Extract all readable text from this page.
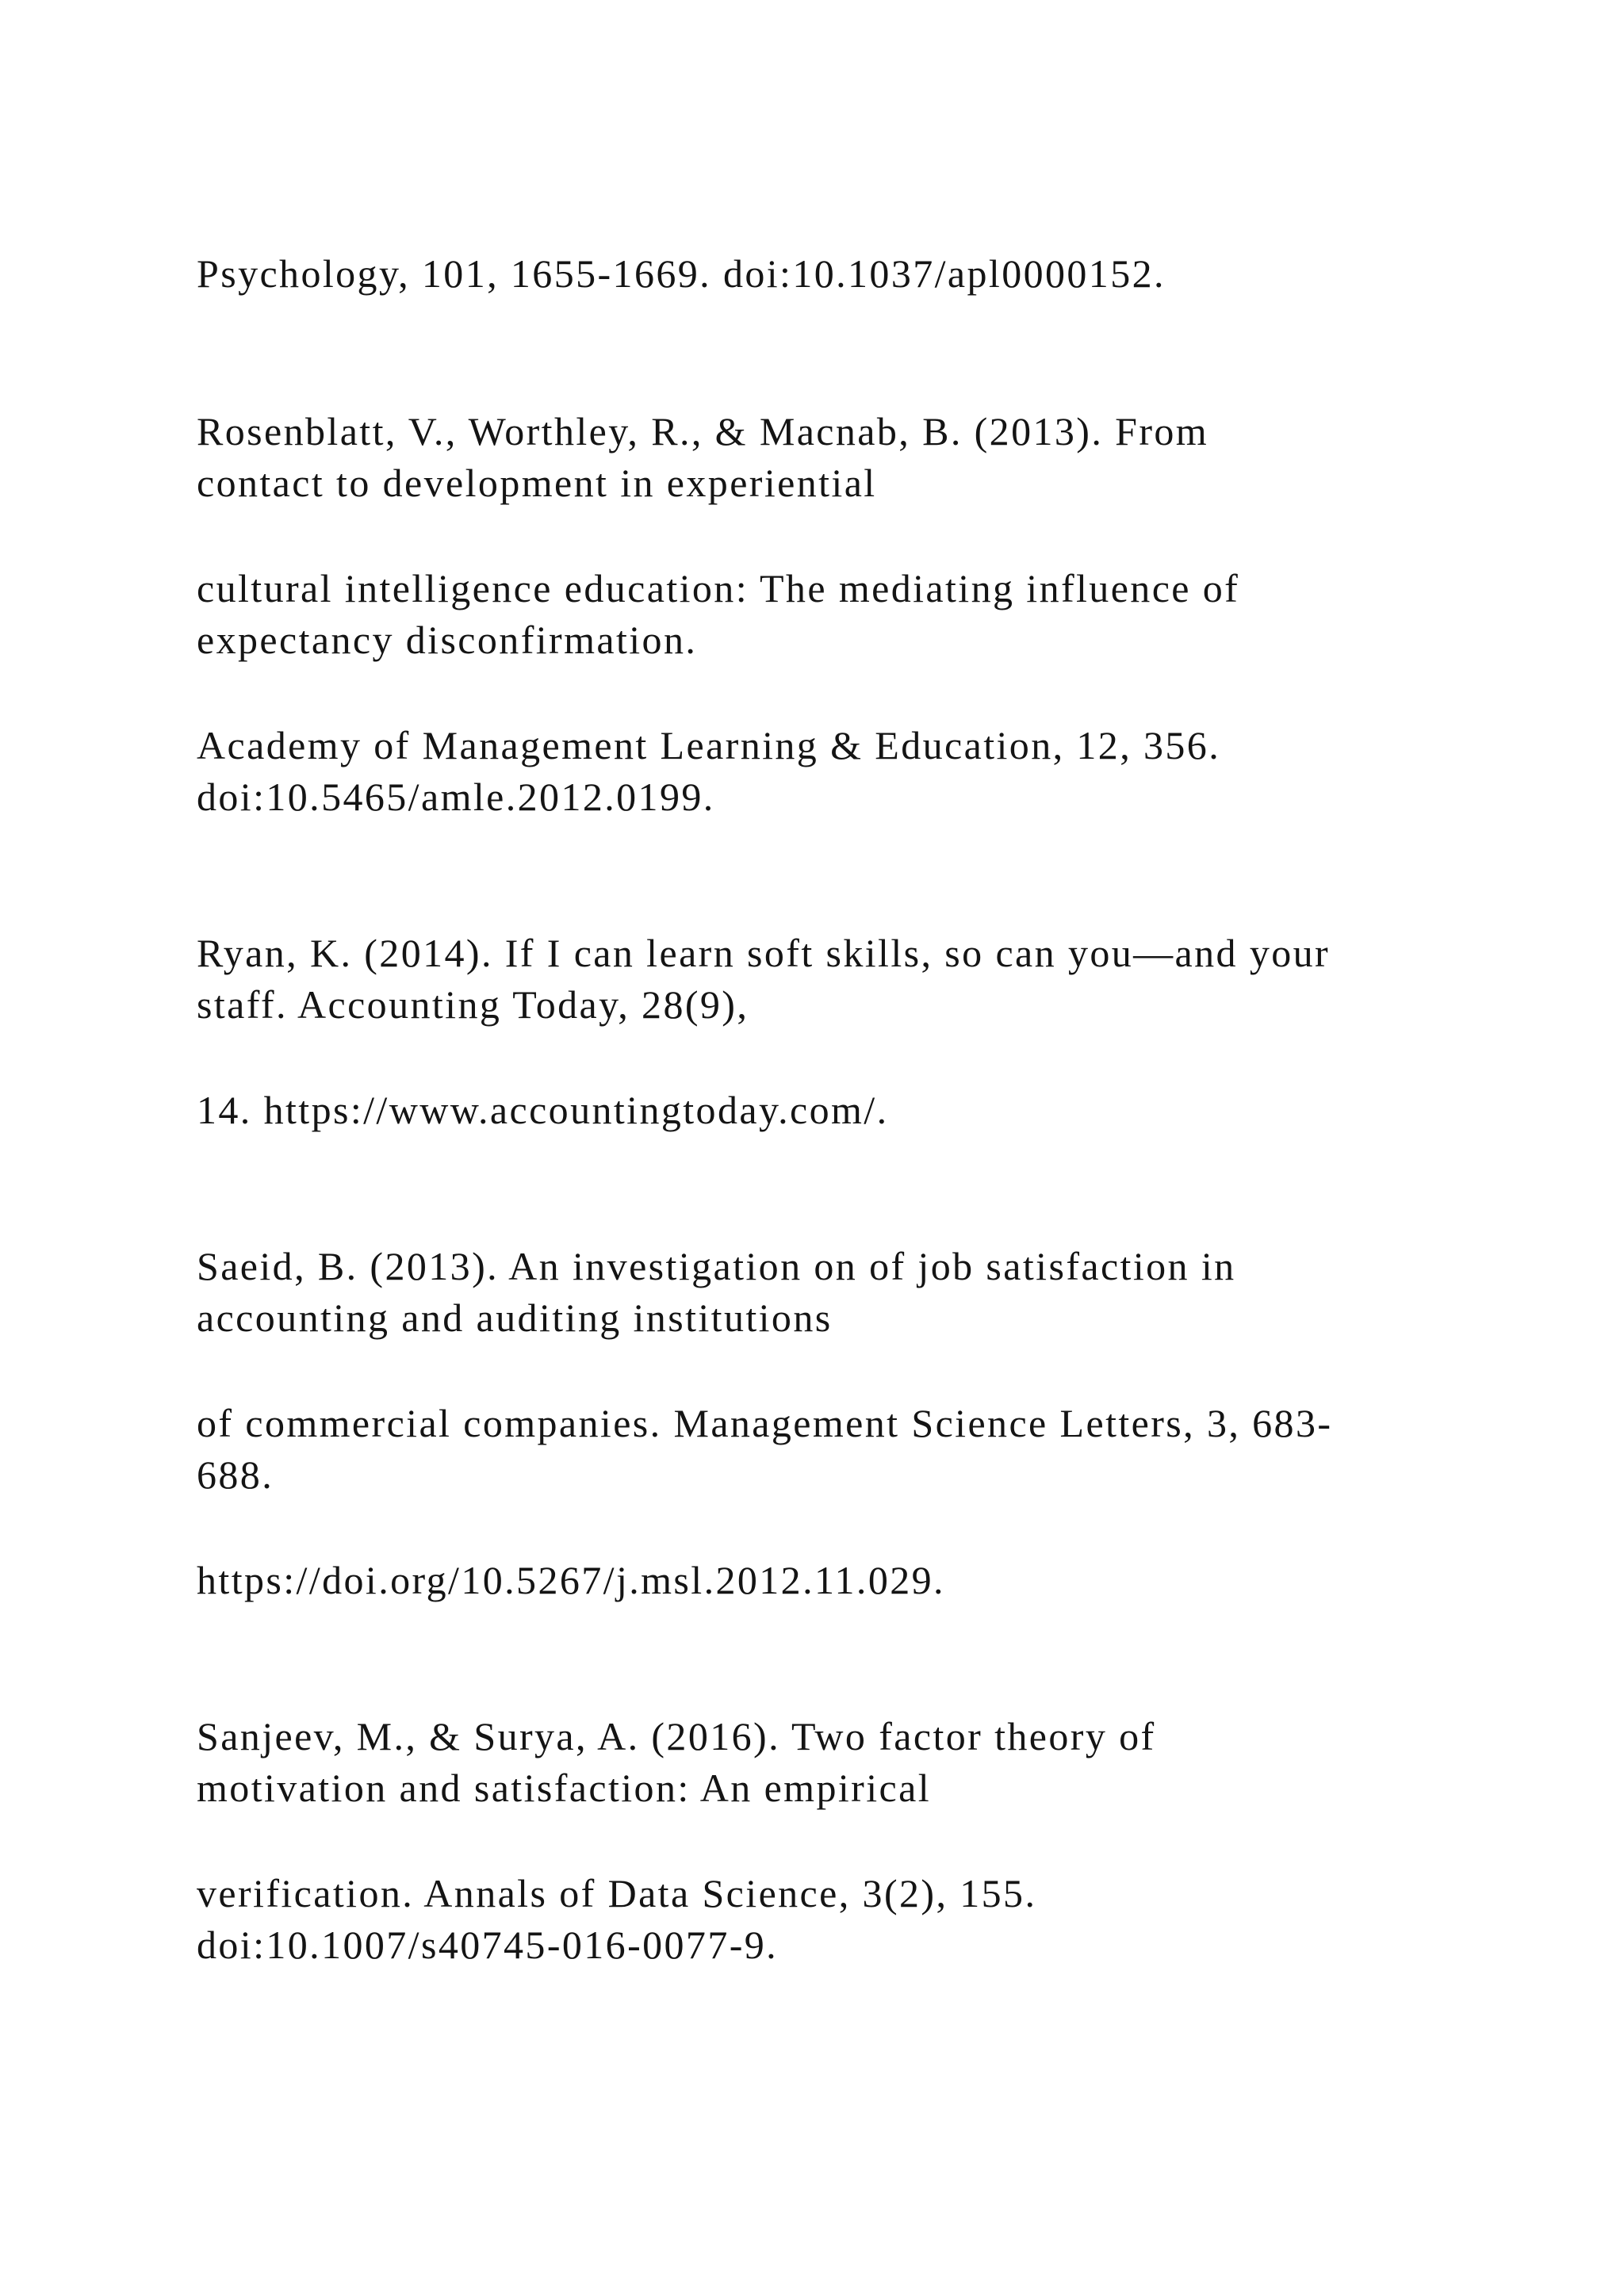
Psychology, 101, 1655-1669. doi:10.1037/apl0000152.
Rosenblatt, V., Worthley, R., & Macnab, B. (2013). From
contact to development in experiential
cultural intelligence education: The mediating influence of
expectancy disconfirmation.
Academy of Management Learning & Education, 12, 356.
doi:10.5465/amle.2012.0199.
Ryan, K. (2014). If I can learn soft skills, so can you—and your
staff. Accounting Today, 28(9),
14. https://www.accountingtoday.com/.
Saeid, B. (2013). An investigation on of job satisfaction in
accounting and auditing institutions
of commercial companies. Management Science Letters, 3, 683-
688.
https://doi.org/10.5267/j.msl.2012.11.029.
Sanjeev, M., & Surya, A. (2016). Two factor theory of
motivation and satisfaction: An empirical
verification. Annals of Data Science, 3(2), 155.
doi:10.1007/s40745-016-0077-9.
